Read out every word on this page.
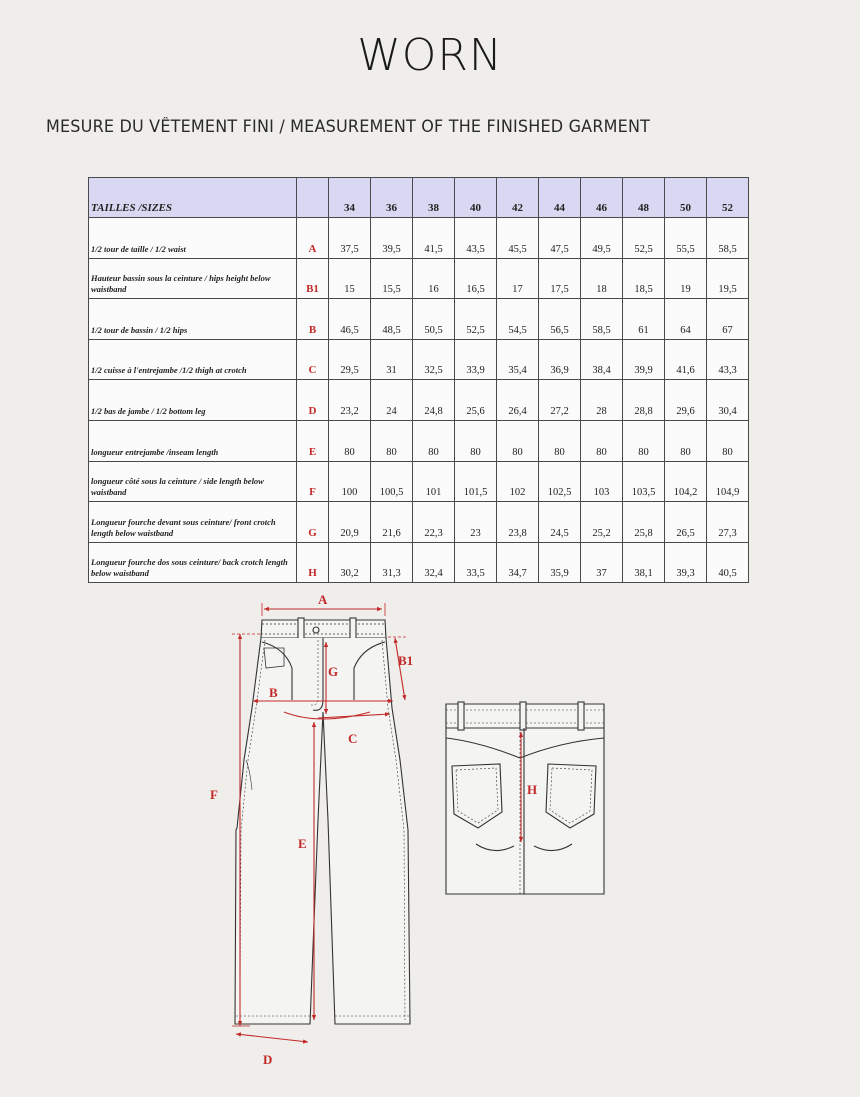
WORN
MESURE DU VÊTEMENT FINI / MEASUREMENT OF THE FINISHED GARMENT
TAILLES /SIZES		34	36	38	40	42	44	46	48	50	52
1/2 tour de taille / 1/2 waist	A	37,5	39,5	41,5	43,5	45,5	47,5	49,5	52,5	55,5	58,5
Hauteur bassin sous la ceinture / hips height below waistband	B1	15	15,5	16	16,5	17	17,5	18	18,5	19	19,5
1/2 tour de bassin / 1/2 hips	B	46,5	48,5	50,5	52,5	54,5	56,5	58,5	61	64	67
1/2 cuisse à l'entrejambe /1/2 thigh at crotch	C	29,5	31	32,5	33,9	35,4	36,9	38,4	39,9	41,6	43,3
1/2 bas de jambe / 1/2 bottom leg	D	23,2	24	24,8	25,6	26,4	27,2	28	28,8	29,6	30,4
longueur entrejambe /inseam length	E	80	80	80	80	80	80	80	80	80	80
longueur côté sous la ceinture / side length below waistband	F	100	100,5	101	101,5	102	102,5	103	103,5	104,2	104,9
Longueur fourche devant sous ceinture/ front crotch length below waistband	G	20,9	21,6	22,3	23	23,8	24,5	25,2	25,8	26,5	27,3
Longueur fourche dos sous ceinture/ back crotch length below waistband	H	30,2	31,3	32,4	33,5	34,7	35,9	37	38,1	39,3	40,5
A
B1
G
B
C
F
E
D
H
